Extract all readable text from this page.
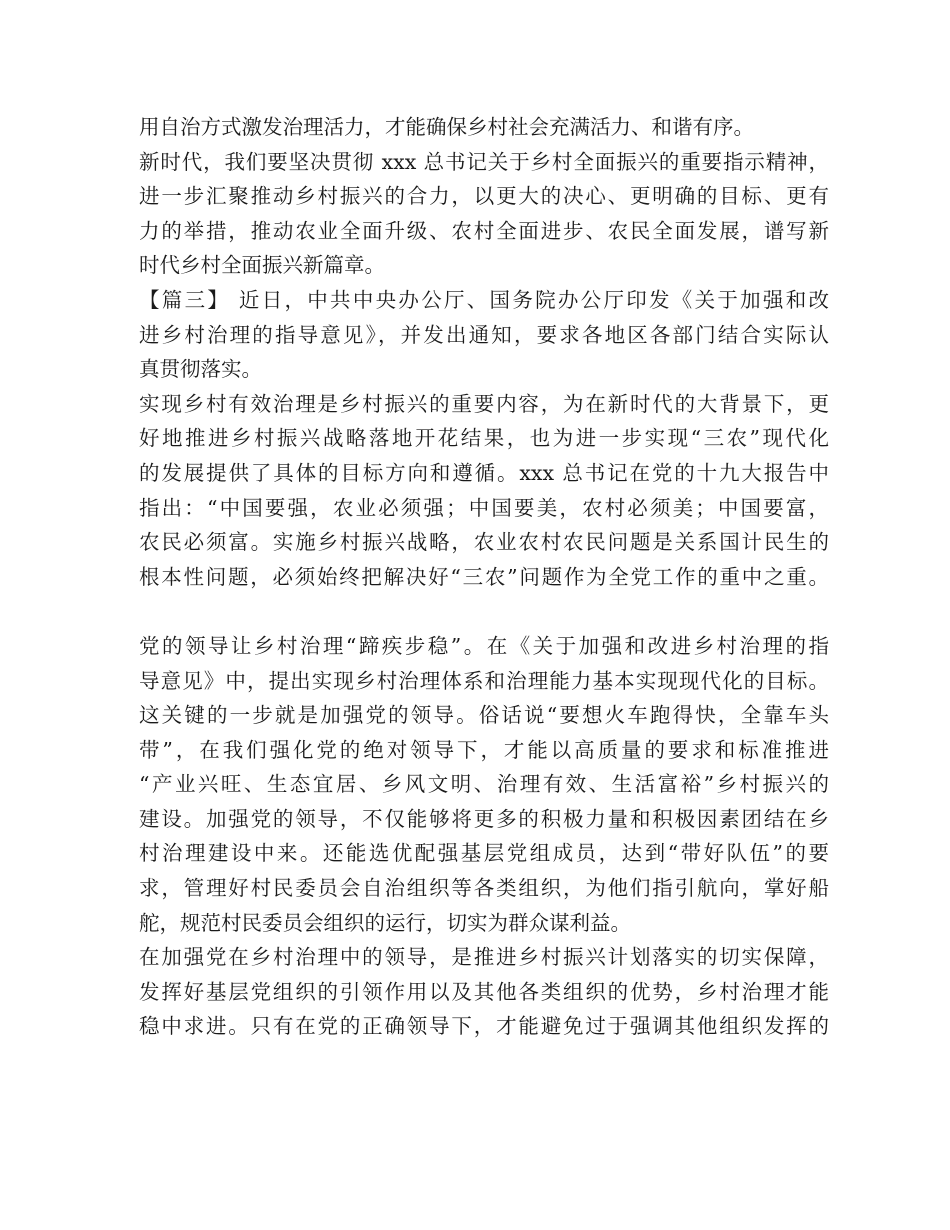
用自治方式激发治理活力，才能确保乡村社会充满活力、和谐有序。
新时代，我们要坚决贯彻 xxx 总书记关于乡村全面振兴的重要指示精神，
进一步汇聚推动乡村振兴的合力，以更大的决心、更明确的目标、更有
力的举措，推动农业全面升级、农村全面进步、农民全面发展，谱写新
时代乡村全面振兴新篇章。
【篇三】 近日，中共中央办公厅、国务院办公厅印发《关于加强和改
进乡村治理的指导意见》，并发出通知，要求各地区各部门结合实际认
真贯彻落实。
实现乡村有效治理是乡村振兴的重要内容，为在新时代的大背景下，更
好地推进乡村振兴战略落地开花结果，也为进一步实现“三农”现代化
的发展提供了具体的目标方向和遵循。xxx 总书记在党的十九大报告中
指出：“中国要强，农业必须强；中国要美，农村必须美；中国要富，
农民必须富。实施乡村振兴战略，农业农村农民问题是关系国计民生的
根本性问题，必须始终把解决好“三农”问题作为全党工作的重中之重。
党的领导让乡村治理“蹄疾步稳”。在《关于加强和改进乡村治理的指
导意见》中，提出实现乡村治理体系和治理能力基本实现现代化的目标。
这关键的一步就是加强党的领导。俗话说“要想火车跑得快，全靠车头
带”，在我们强化党的绝对领导下，才能以高质量的要求和标准推进
“产业兴旺、生态宜居、乡风文明、治理有效、生活富裕”乡村振兴的
建设。加强党的领导，不仅能够将更多的积极力量和积极因素团结在乡
村治理建设中来。还能选优配强基层党组成员，达到“带好队伍”的要
求，管理好村民委员会自治组织等各类组织，为他们指引航向，掌好船
舵，规范村民委员会组织的运行，切实为群众谋利益。
在加强党在乡村治理中的领导，是推进乡村振兴计划落实的切实保障，
发挥好基层党组织的引领作用以及其他各类组织的优势，乡村治理才能
稳中求进。只有在党的正确领导下，才能避免过于强调其他组织发挥的
